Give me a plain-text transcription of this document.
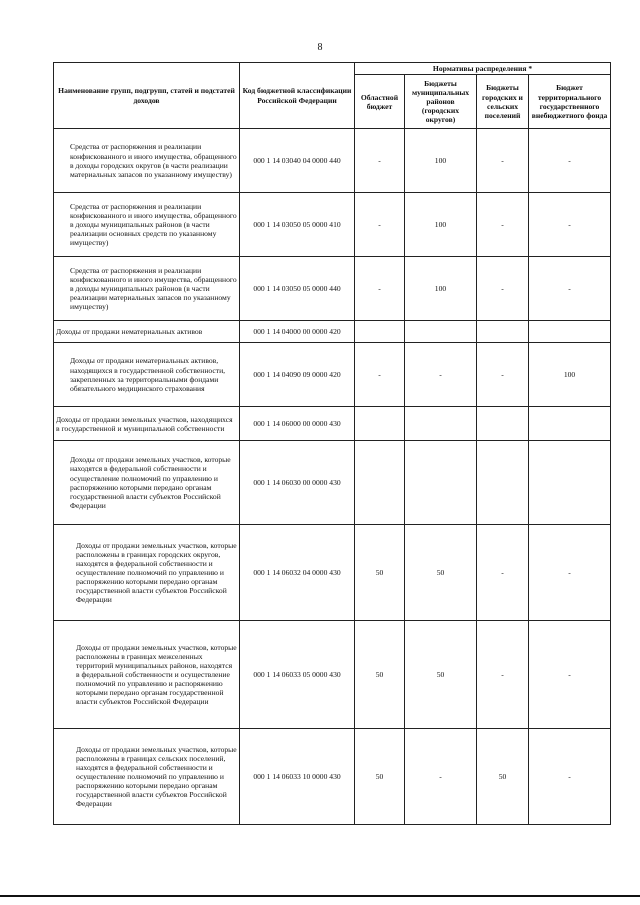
8
Наименование групп, подгрупп, статей и подстатей доходов	Код бюджетной классификации Российской Федерации	Нормативы распределения *			
		Областной бюджет	Бюджеты муниципальных районов (городских округов)	Бюджеты городских и сельских поселений	Бюджет территориального государственного внебюджетного фонда
Средства от распоряжения и реализации конфискованного и иного имущества, обращенного в доходы городских округов (в части реализации материальных запасов по указанному имуществу)	000 1 14 03040 04 0000 440	-	100	-	-
Средства от распоряжения и реализации конфискованного и иного имущества, обращенного в доходы муниципальных районов (в части реализации основных средств по указанному имуществу)	000 1 14 03050 05 0000 410	-	100	-	-
Средства от распоряжения и реализации конфискованного и иного имущества, обращенного в доходы муниципальных районов (в части реализации материальных запасов по указанному имуществу)	000 1 14 03050 05 0000 440	-	100	-	-
Доходы от продажи нематериальных активов	000 1 14 04000 00 0000 420				
Доходы от продажи нематериальных активов, находящихся в государственной собственности, закрепленных за территориальными фондами обязательного медицинского страхования	000 1 14 04090 09 0000 420	-	-	-	100
Доходы от продажи земельных участков, находящихся в государственной и муниципальной собственности	000 1 14 06000 00 0000 430				
Доходы от продажи земельных участков, которые находятся в федеральной собственности и осуществление полномочий по управлению и распоряжению которыми передано органам государственной власти субъектов Российской Федерации	000 1 14 06030 00 0000 430				
Доходы от продажи земельных участков, которые расположены в границах городских округов, находятся в федеральной собственности и осуществление полномочий по управлению и распоряжению которыми передано органам государственной власти субъектов Российской Федерации	000 1 14 06032 04 0000 430	50	50	-	-
Доходы от продажи земельных участков, которые расположены в границах межселенных территорий муниципальных районов, находятся в федеральной собственности и осуществление полномочий по управлению и распоряжению которыми передано органам государственной власти субъектов Российской Федерации	000 1 14 06033 05 0000 430	50	50	-	-
Доходы от продажи земельных участков, которые расположены в границах сельских поселений, находятся в федеральной собственности и осуществление полномочий по управлению и распоряжению которыми передано органам государственной власти субъектов Российской Федерации	000 1 14 06033 10 0000 430	50	-	50	-
